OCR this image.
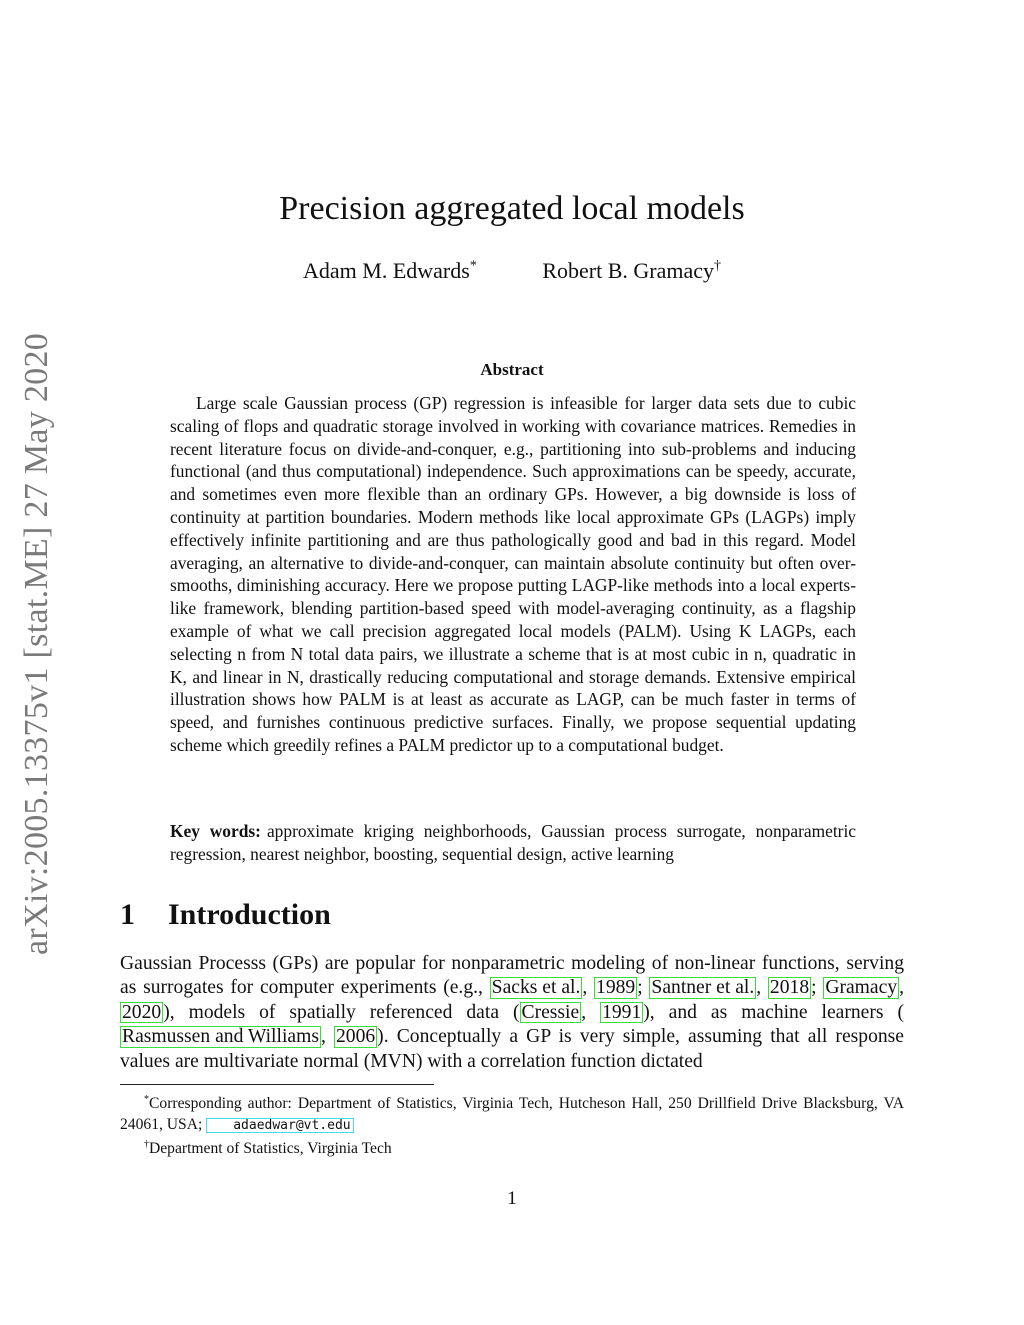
arXiv:2005.13375v1 [stat.ME] 27 May 2020
Precision aggregated local models
Adam M. Edwards*	Robert B. Gramacy†
Abstract

Large scale Gaussian process (GP) regression is infeasible for larger data sets due to cubic scaling of flops and quadratic storage involved in working with covariance matrices. Remedies in recent literature focus on divide-and-conquer, e.g., partitioning into sub-problems and inducing functional (and thus computational) independence. Such approximations can be speedy, accurate, and sometimes even more flexible than an ordinary GPs. However, a big downside is loss of continuity at partition boundaries. Modern methods like local approximate GPs (LAGPs) imply effectively infinite partitioning and are thus pathologically good and bad in this regard. Model averaging, an alternative to divide-and-conquer, can maintain absolute continuity but often over-smooths, diminishing accuracy. Here we propose putting LAGP-like methods into a local experts-like framework, blending partition-based speed with model-averaging continuity, as a flagship example of what we call precision aggregated local models (PALM). Using K LAGPs, each selecting n from N total data pairs, we illustrate a scheme that is at most cubic in n, quadratic in K, and linear in N, drastically reducing computational and storage demands. Extensive empirical illustration shows how PALM is at least as accurate as LAGP, can be much faster in terms of speed, and furnishes continuous predictive surfaces. Finally, we propose sequential updating scheme which greedily refines a PALM predictor up to a computational budget.

Key words: approximate kriging neighborhoods, Gaussian process surrogate, nonparametric regression, nearest neighbor, boosting, sequential design, active learning
1 Introduction

Gaussian Processs (GPs) are popular for nonparametric modeling of non-linear functions, serving as surrogates for computer experiments (e.g., Sacks et al. , 1989 ; Santner et al. , 2018 ; Gramacy , 2020 ), models of spatially referenced data ( Cressie , 1991 ), and as machine learners (Rasmussen and Williams , 2006 ). Conceptually a GP is very simple, assuming that all response values are multivariate normal (MVN) with a correlation function dictated

*Corresponding author: Department of Statistics, Virginia Tech, Hutcheson Hall, 250 Drillfield Drive Blacksburg, VA 24061, USA; adaedwar@vt.edu

†Department of Statistics, Virginia Tech

1
